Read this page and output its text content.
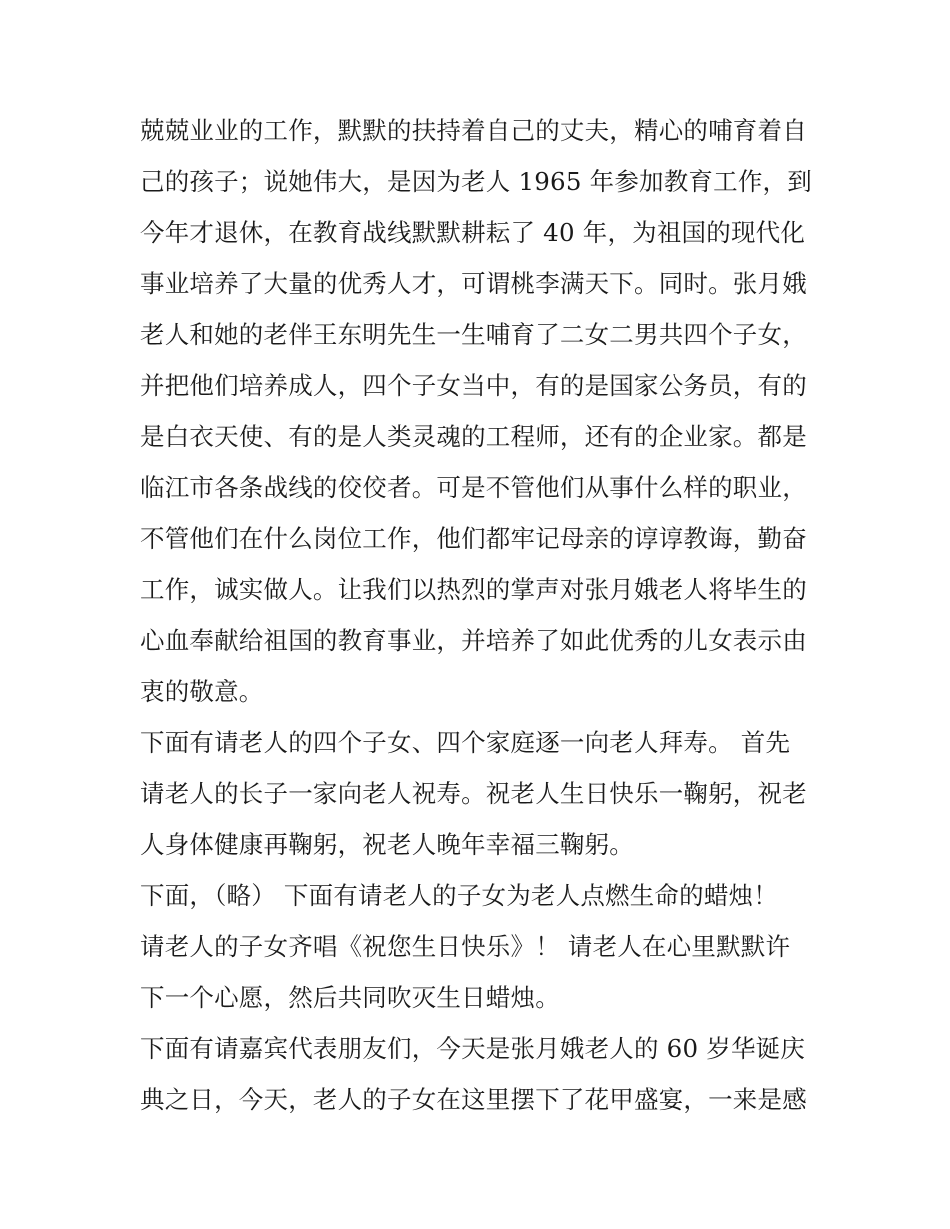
兢兢业业的工作，默默的扶持着自己的丈夫，精心的哺育着自
己的孩子；说她伟大，是因为老人 1965 年参加教育工作，到
今年才退休，在教育战线默默耕耘了 40 年，为祖国的现代化
事业培养了大量的优秀人才，可谓桃李满天下。同时。张月娥
老人和她的老伴王东明先生一生哺育了二女二男共四个子女，
并把他们培养成人，四个子女当中，有的是国家公务员，有的
是白衣天使、有的是人类灵魂的工程师，还有的企业家。都是
临江市各条战线的佼佼者。可是不管他们从事什么样的职业，
不管他们在什么岗位工作，他们都牢记母亲的谆谆教诲，勤奋
工作，诚实做人。让我们以热烈的掌声对张月娥老人将毕生的
心血奉献给祖国的教育事业，并培养了如此优秀的儿女表示由
衷的敬意。
下面有请老人的四个子女、四个家庭逐一向老人拜寿。 首先
请老人的长子一家向老人祝寿。祝老人生日快乐一鞠躬，祝老
人身体健康再鞠躬，祝老人晚年幸福三鞠躬。
下面，（略） 下面有请老人的子女为老人点燃生命的蜡烛！
请老人的子女齐唱《祝您生日快乐》！ 请老人在心里默默许
下一个心愿，然后共同吹灭生日蜡烛。
下面有请嘉宾代表朋友们，今天是张月娥老人的 60 岁华诞庆
典之日，今天，老人的子女在这里摆下了花甲盛宴，一来是感
